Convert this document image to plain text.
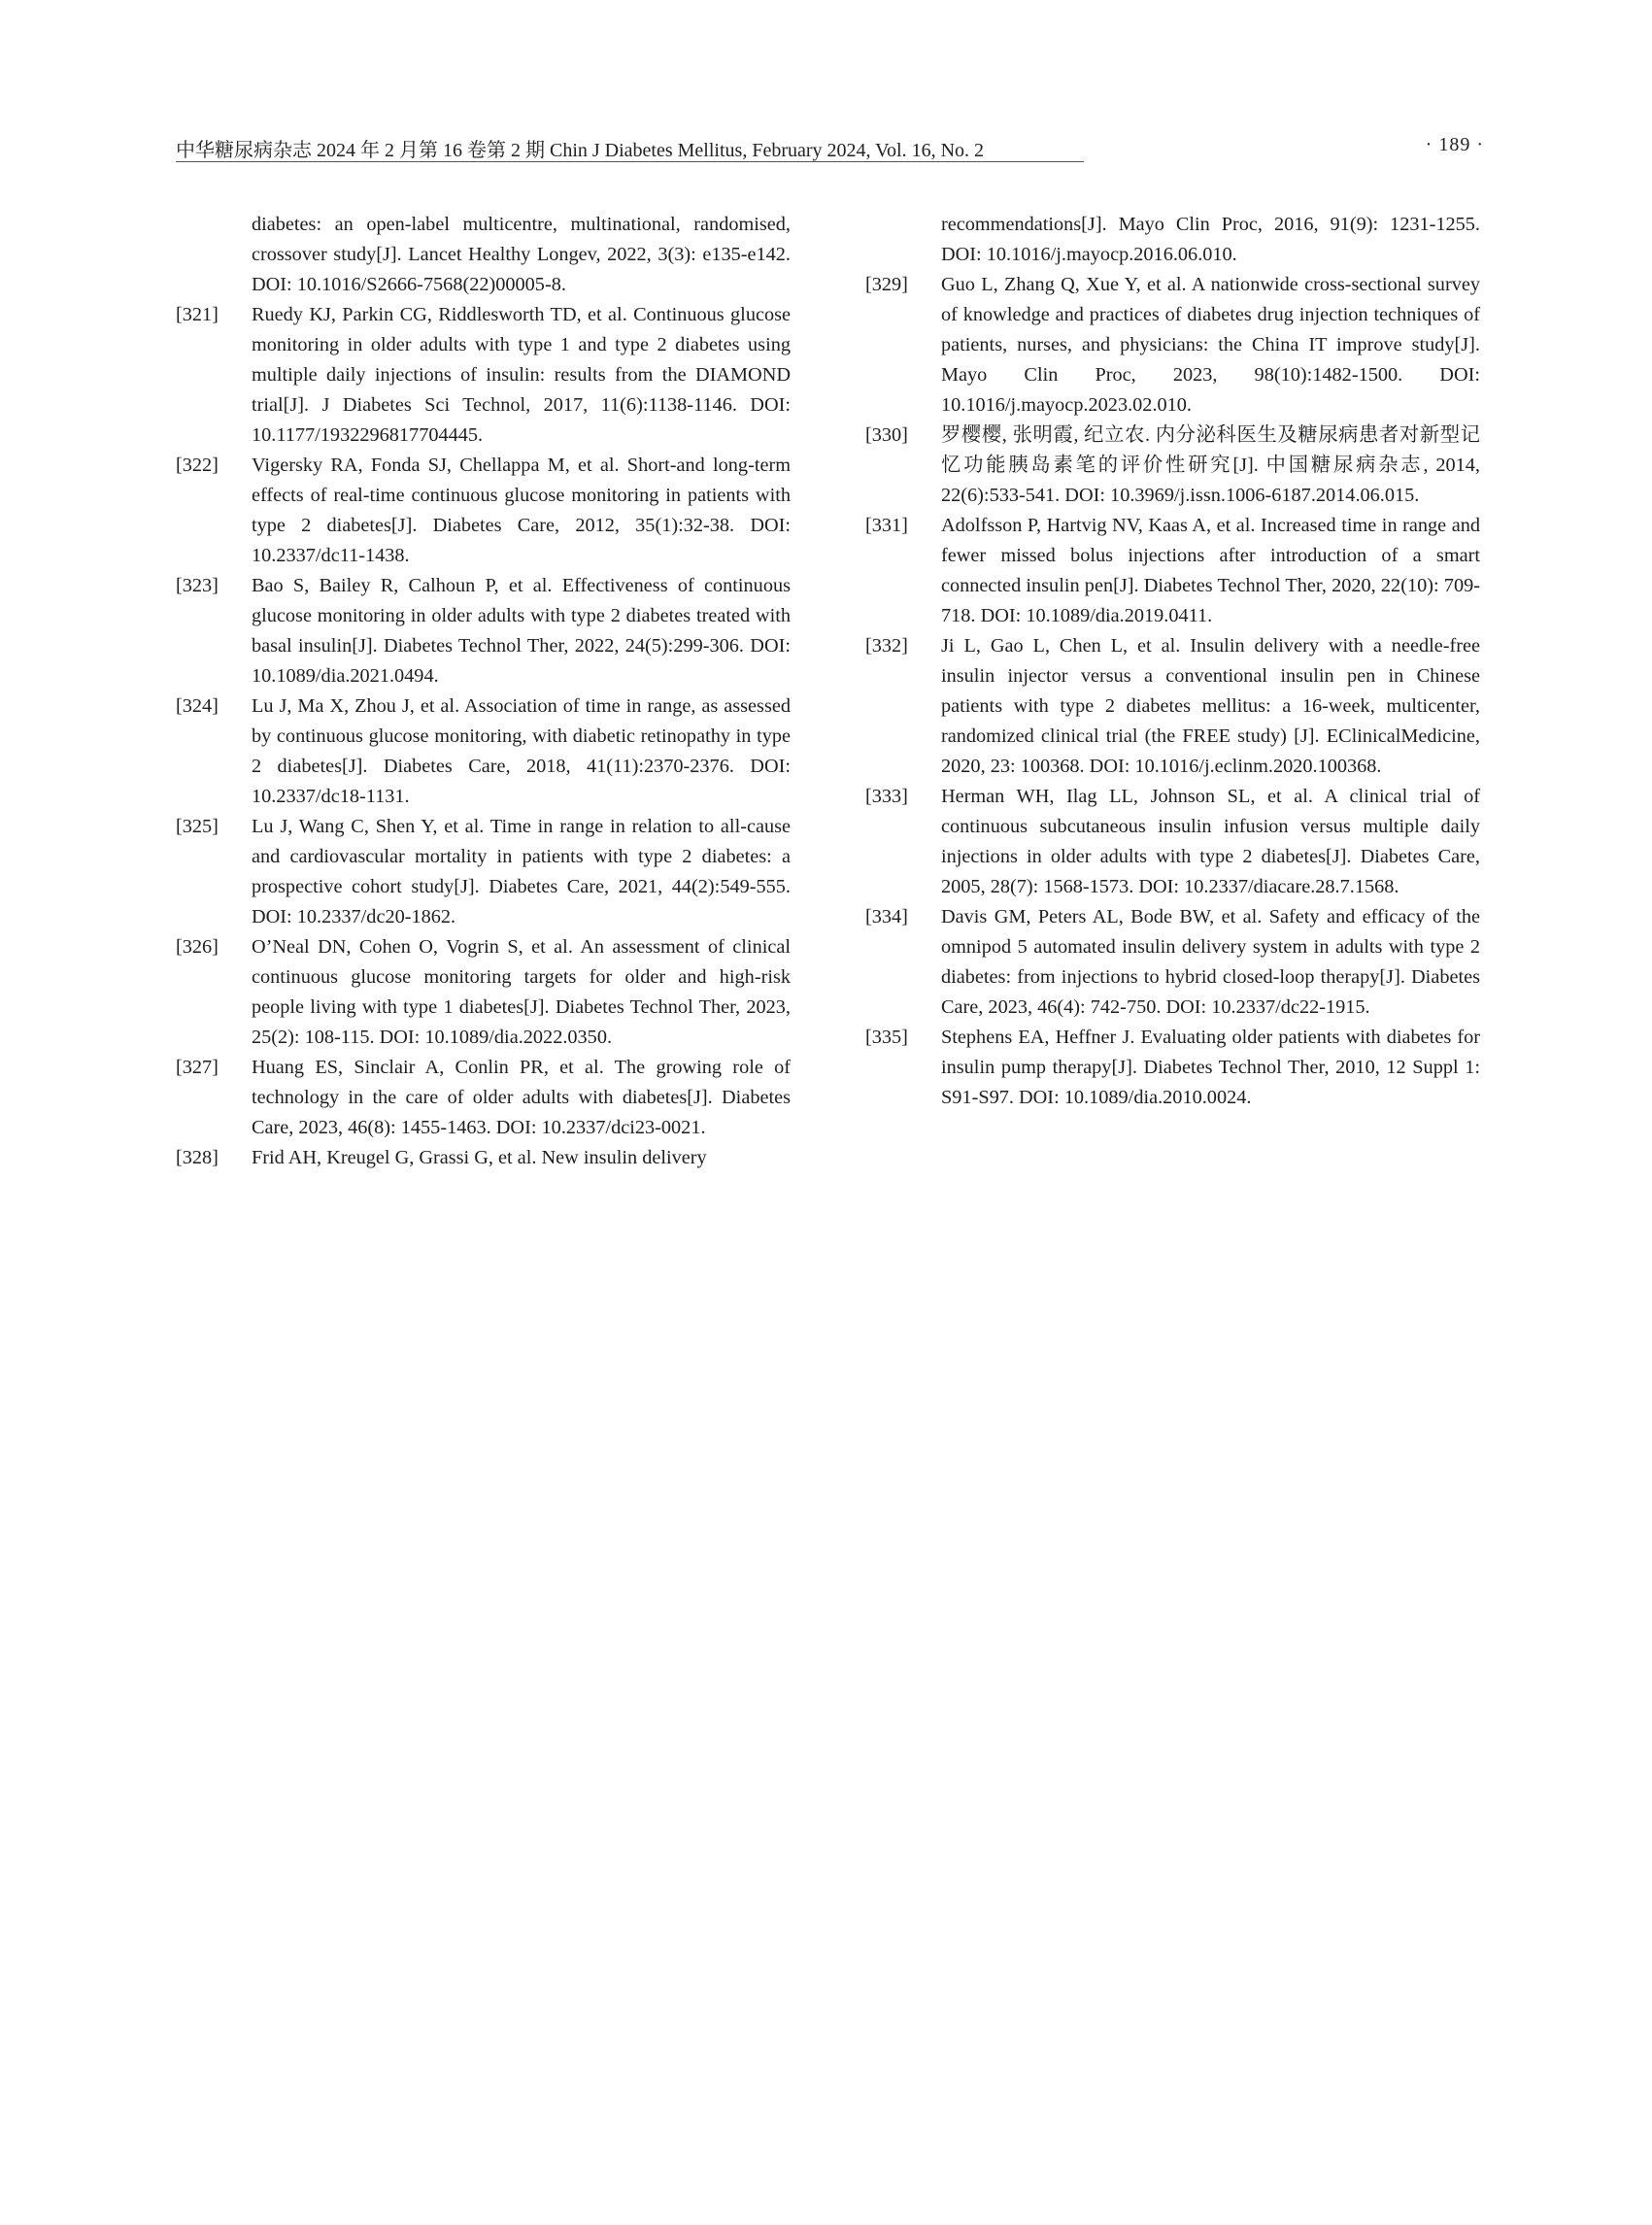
中华糖尿病杂志 2024 年 2 月第 16 卷第 2 期 Chin J Diabetes Mellitus, February 2024, Vol. 16, No. 2	· 189 ·
diabetes: an open-label multicentre, multinational, randomised, crossover study[J]. Lancet Healthy Longev, 2022, 3(3): e135-e142. DOI: 10.1016/S2666-7568(22)00005-8.
[321] Ruedy KJ, Parkin CG, Riddlesworth TD, et al. Continuous glucose monitoring in older adults with type 1 and type 2 diabetes using multiple daily injections of insulin: results from the DIAMOND trial[J]. J Diabetes Sci Technol, 2017, 11(6):1138-1146. DOI: 10.1177/1932296817704445.
[322] Vigersky RA, Fonda SJ, Chellappa M, et al. Short-and long-term effects of real-time continuous glucose monitoring in patients with type 2 diabetes[J]. Diabetes Care, 2012, 35(1):32-38. DOI: 10.2337/dc11-1438.
[323] Bao S, Bailey R, Calhoun P, et al. Effectiveness of continuous glucose monitoring in older adults with type 2 diabetes treated with basal insulin[J]. Diabetes Technol Ther, 2022, 24(5):299-306. DOI: 10.1089/dia.2021.0494.
[324] Lu J, Ma X, Zhou J, et al. Association of time in range, as assessed by continuous glucose monitoring, with diabetic retinopathy in type 2 diabetes[J]. Diabetes Care, 2018, 41(11):2370-2376. DOI: 10.2337/dc18-1131.
[325] Lu J, Wang C, Shen Y, et al. Time in range in relation to all-cause and cardiovascular mortality in patients with type 2 diabetes: a prospective cohort study[J]. Diabetes Care, 2021, 44(2):549-555. DOI: 10.2337/dc20-1862.
[326] O’Neal DN, Cohen O, Vogrin S, et al. An assessment of clinical continuous glucose monitoring targets for older and high-risk people living with type 1 diabetes[J]. Diabetes Technol Ther, 2023, 25(2): 108-115. DOI: 10.1089/dia.2022.0350.
[327] Huang ES, Sinclair A, Conlin PR, et al. The growing role of technology in the care of older adults with diabetes[J]. Diabetes Care, 2023, 46(8): 1455-1463. DOI: 10.2337/dci23-0021.
[328] Frid AH, Kreugel G, Grassi G, et al. New insulin delivery
recommendations[J]. Mayo Clin Proc, 2016, 91(9): 1231-1255. DOI: 10.1016/j.mayocp.2016.06.010.
[329] Guo L, Zhang Q, Xue Y, et al. A nationwide cross-sectional survey of knowledge and practices of diabetes drug injection techniques of patients, nurses, and physicians: the China IT improve study[J]. Mayo Clin Proc, 2023, 98(10):1482-1500. DOI: 10.1016/j.mayocp.2023.02.010.
[330] 罗樱樱, 张明霞, 纪立农. 内分泌科医生及糖尿病患者对新型记忆功能胰岛素笔的评价性研究[J]. 中国糖尿病杂志, 2014, 22(6):533-541. DOI: 10.3969/j.issn.1006-6187.2014.06.015.
[331] Adolfsson P, Hartvig NV, Kaas A, et al. Increased time in range and fewer missed bolus injections after introduction of a smart connected insulin pen[J]. Diabetes Technol Ther, 2020, 22(10): 709-718. DOI: 10.1089/dia.2019.0411.
[332] Ji L, Gao L, Chen L, et al. Insulin delivery with a needle-free insulin injector versus a conventional insulin pen in Chinese patients with type 2 diabetes mellitus: a 16-week, multicenter, randomized clinical trial (the FREE study) [J]. EClinicalMedicine, 2020, 23: 100368. DOI: 10.1016/j.eclinm.2020.100368.
[333] Herman WH, Ilag LL, Johnson SL, et al. A clinical trial of continuous subcutaneous insulin infusion versus multiple daily injections in older adults with type 2 diabetes[J]. Diabetes Care, 2005, 28(7): 1568-1573. DOI: 10.2337/diacare.28.7.1568.
[334] Davis GM, Peters AL, Bode BW, et al. Safety and efficacy of the omnipod 5 automated insulin delivery system in adults with type 2 diabetes: from injections to hybrid closed-loop therapy[J]. Diabetes Care, 2023, 46(4): 742-750. DOI: 10.2337/dc22-1915.
[335] Stephens EA, Heffner J. Evaluating older patients with diabetes for insulin pump therapy[J]. Diabetes Technol Ther, 2010, 12 Suppl 1: S91-S97. DOI: 10.1089/dia.2010.0024.
